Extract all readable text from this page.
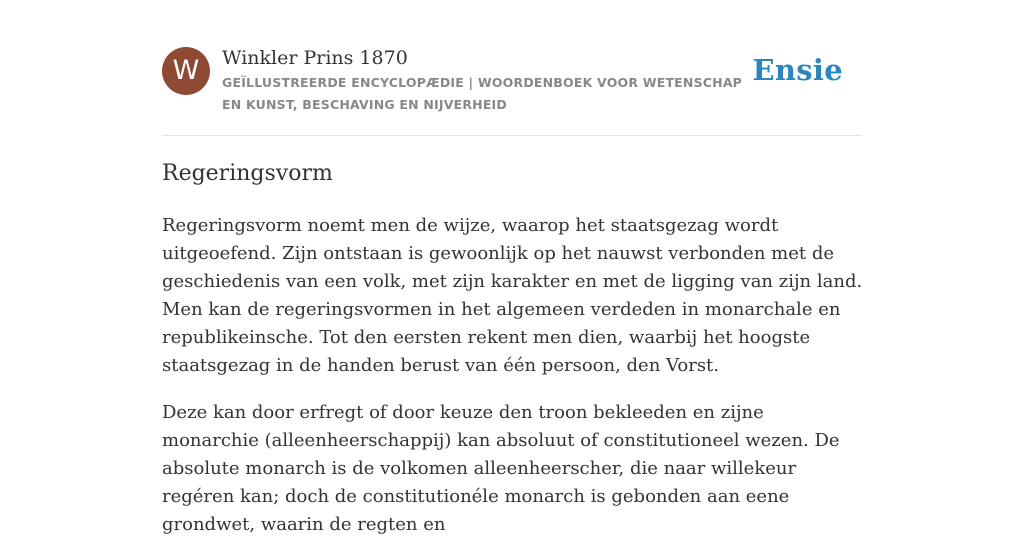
W	Winkler Prins 1870
GEÏLLUSTREERDE ENCYCLOPÆDIE | WOORDENBOEK VOOR WETENSCHAP EN KUNST, BESCHAVING EN NIJVERHEID
Ensie
Regeringsvorm

Regeringsvorm noemt men de wijze, waarop het staatsgezag wordt uitgeoefend. Zijn ontstaan is gewoonlijk op het nauwst verbonden met de geschiedenis van een volk, met zijn karakter en met de ligging van zijn land. Men kan de regeringsvormen in het algemeen verdeden in monarchale en republikeinsche. Tot den eersten rekent men dien, waarbij het hoogste staatsgezag in de handen berust van één persoon, den Vorst.

Deze kan door erfregt of door keuze den troon bekleeden en zijne monarchie (alleenheerschappij) kan absoluut of constitutioneel wezen. De absolute monarch is de volkomen alleenheerscher, die naar willekeur regéren kan; doch de constitutionéle monarch is gebonden aan eene grondwet, waarin de regten en
